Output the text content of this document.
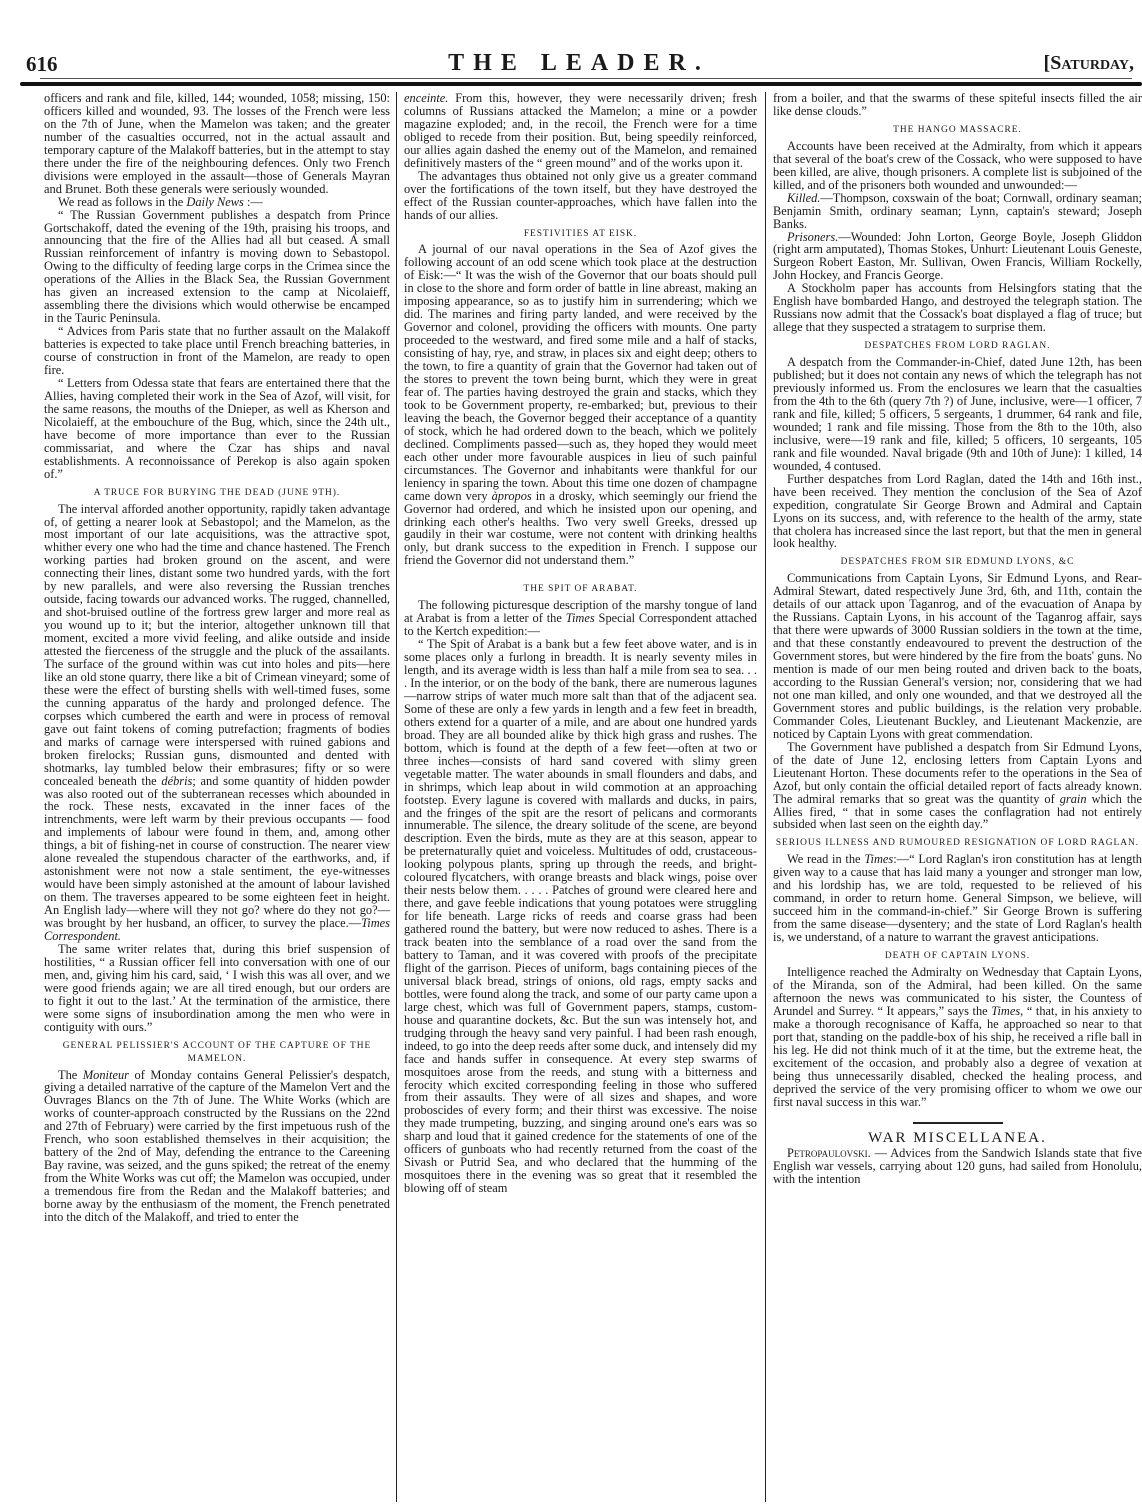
616	THE LEADER.	[Saturday,

officers and rank and file, killed, 144; wounded, 1058; missing, 150: officers killed and wounded, 93. The losses of the French were less on the 7th of June, when the Mamelon was taken; and the greater number of the casualties occurred, not in the actual assault and temporary capture of the Malakoff batteries, but in the attempt to stay there under the fire of the neighbouring defences. Only two French divisions were employed in the assault—those of Generals Mayran and Brunet. Both these generals were seriously wounded.

We read as follows in the Daily News :—

“ The Russian Government publishes a despatch from Prince Gortschakoff, dated the evening of the 19th, praising his troops, and announcing that the fire of the Allies had all but ceased. A small Russian reinforcement of infantry is moving down to Sebastopol. Owing to the difficulty of feeding large corps in the Crimea since the operations of the Allies in the Black Sea, the Russian Government has given an increased extension to the camp at Nicolaieff, assembling there the divisions which would otherwise be encamped in the Tauric Peninsula.

“ Advices from Paris state that no further assault on the Malakoff batteries is expected to take place until French breaching batteries, in course of construction in front of the Mamelon, are ready to open fire.

“ Letters from Odessa state that fears are entertained there that the Allies, having completed their work in the Sea of Azof, will visit, for the same reasons, the mouths of the Dnieper, as well as Kherson and Nicolaieff, at the embouchure of the Bug, which, since the 24th ult., have become of more importance than ever to the Russian commissariat, and where the Czar has ships and naval establishments. A reconnoissance of Perekop is also again spoken of.”

A TRUCE FOR BURYING THE DEAD (JUNE 9TH).

The interval afforded another opportunity, rapidly taken advantage of, of getting a nearer look at Sebastopol; and the Mamelon, as the most important of our late acquisitions, was the attractive spot, whither every one who had the time and chance hastened. The French working parties had broken ground on the ascent, and were connecting their lines, distant some two hundred yards, with the fort by new parallels, and were also reversing the Russian trenches outside, facing towards our advanced works. The rugged, channelled, and shot-bruised outline of the fortress grew larger and more real as you wound up to it; but the interior, altogether unknown till that moment, excited a more vivid feeling, and alike outside and inside attested the fierceness of the struggle and the pluck of the assailants. The surface of the ground within was cut into holes and pits—here like an old stone quarry, there like a bit of Crimean vineyard; some of these were the effect of bursting shells with well-timed fuses, some the cunning apparatus of the hardy and prolonged defence. The corpses which cumbered the earth and were in process of removal gave out faint tokens of coming putrefaction; fragments of bodies and marks of carnage were interspersed with ruined gabions and broken firelocks; Russian guns, dismounted and dented with shotmarks, lay tumbled below their embrasures; fifty or so were concealed beneath the débris; and some quantity of hidden powder was also rooted out of the subterranean recesses which abounded in the rock. These nests, excavated in the inner faces of the intrenchments, were left warm by their previous occupants — food and implements of labour were found in them, and, among other things, a bit of fishing-net in course of construction. The nearer view alone revealed the stupendous character of the earthworks, and, if astonishment were not now a stale sentiment, the eye-witnesses would have been simply astonished at the amount of labour lavished on them. The traverses appeared to be some eighteen feet in height. An English lady—where will they not go? where do they not go?—was brought by her husband, an officer, to survey the place.—Times Correspondent.

The same writer relates that, during this brief suspension of hostilities, “ a Russian officer fell into conversation with one of our men, and, giving him his card, said, ‘ I wish this was all over, and we were good friends again; we are all tired enough, but our orders are to fight it out to the last.’ At the termination of the armistice, there were some signs of insubordination among the men who were in contiguity with ours.”

GENERAL PELISSIER'S ACCOUNT OF THE CAPTURE OF THE MAMELON.

The Moniteur of Monday contains General Pelissier's despatch, giving a detailed narrative of the capture of the Mamelon Vert and the Ouvrages Blancs on the 7th of June. The White Works (which are works of counter-approach constructed by the Russians on the 22nd and 27th of February) were carried by the first impetuous rush of the French, who soon established themselves in their acquisition; the battery of the 2nd of May, defending the entrance to the Careening Bay ravine, was seized, and the guns spiked; the retreat of the enemy from the White Works was cut off; the Mamelon was occupied, under a tremendous fire from the Redan and the Malakoff batteries; and borne away by the enthusiasm of the moment, the French penetrated into the ditch of the Malakoff, and tried to enter the

enceinte. From this, however, they were necessarily driven; fresh columns of Russians attacked the Mamelon; a mine or a powder magazine exploded; and, in the recoil, the French were for a time obliged to recede from their position. But, being speedily reinforced, our allies again dashed the enemy out of the Mamelon, and remained definitively masters of the “ green mound” and of the works upon it.

The advantages thus obtained not only give us a greater command over the fortifications of the town itself, but they have destroyed the effect of the Russian counter-approaches, which have fallen into the hands of our allies.

FESTIVITIES AT EISK.

A journal of our naval operations in the Sea of Azof gives the following account of an odd scene which took place at the destruction of Eisk:—“ It was the wish of the Governor that our boats should pull in close to the shore and form order of battle in line abreast, making an imposing appearance, so as to justify him in surrendering; which we did. The marines and firing party landed, and were received by the Governor and colonel, providing the officers with mounts. One party proceeded to the westward, and fired some mile and a half of stacks, consisting of hay, rye, and straw, in places six and eight deep; others to the town, to fire a quantity of grain that the Governor had taken out of the stores to prevent the town being burnt, which they were in great fear of. The parties having destroyed the grain and stacks, which they took to be Government property, re-embarked; but, previous to their leaving the beach, the Governor begged their acceptance of a quantity of stock, which he had ordered down to the beach, which we politely declined. Compliments passed—such as, they hoped they would meet each other under more favourable auspices in lieu of such painful circumstances. The Governor and inhabitants were thankful for our leniency in sparing the town. About this time one dozen of champagne came down very àpropos in a drosky, which seemingly our friend the Governor had ordered, and which he insisted upon our opening, and drinking each other's healths. Two very swell Greeks, dressed up gaudily in their war costume, were not content with drinking healths only, but drank success to the expedition in French. I suppose our friend the Governor did not understand them.”

THE SPIT OF ARABAT.

The following picturesque description of the marshy tongue of land at Arabat is from a letter of the Times Special Correspondent attached to the Kertch expedition:—

“ The Spit of Arabat is a bank but a few feet above water, and is in some places only a furlong in breadth. It is nearly seventy miles in length, and its average width is less than half a mile from sea to sea. . . . In the interior, or on the body of the bank, there are numerous lagunes—narrow strips of water much more salt than that of the adjacent sea. Some of these are only a few yards in length and a few feet in breadth, others extend for a quarter of a mile, and are about one hundred yards broad. They are all bounded alike by thick high grass and rushes. The bottom, which is found at the depth of a few feet—often at two or three inches—consists of hard sand covered with slimy green vegetable matter. The water abounds in small flounders and dabs, and in shrimps, which leap about in wild commotion at an approaching footstep. Every lagune is covered with mallards and ducks, in pairs, and the fringes of the spit are the resort of pelicans and cormorants innumerable. The silence, the dreary solitude of the scene, are beyond description. Even the birds, mute as they are at this season, appear to be preternaturally quiet and voiceless. Multitudes of odd, crustaceous-looking polypous plants, spring up through the reeds, and bright-coloured flycatchers, with orange breasts and black wings, poise over their nests below them. . . . . Patches of ground were cleared here and there, and gave feeble indications that young potatoes were struggling for life beneath. Large ricks of reeds and coarse grass had been gathered round the battery, but were now reduced to ashes. There is a track beaten into the semblance of a road over the sand from the battery to Taman, and it was covered with proofs of the precipitate flight of the garrison. Pieces of uniform, bags containing pieces of the universal black bread, strings of onions, old rags, empty sacks and bottles, were found along the track, and some of our party came upon a large chest, which was full of Government papers, stamps, custom-house and quarantine dockets, &c. But the sun was intensely hot, and trudging through the heavy sand very painful. I had been rash enough, indeed, to go into the deep reeds after some duck, and intensely did my face and hands suffer in consequence. At every step swarms of mosquitoes arose from the reeds, and stung with a bitterness and ferocity which excited corresponding feeling in those who suffered from their assaults. They were of all sizes and shapes, and wore proboscides of every form; and their thirst was excessive. The noise they made trumpeting, buzzing, and singing around one's ears was so sharp and loud that it gained credence for the statements of one of the officers of gunboats who had recently returned from the coast of the Sivash or Putrid Sea, and who declared that the humming of the mosquitoes there in the evening was so great that it resembled the blowing off of steam

from a boiler, and that the swarms of these spiteful insects filled the air like dense clouds.”

THE HANGO MASSACRE.

Accounts have been received at the Admiralty, from which it appears that several of the boat's crew of the Cossack, who were supposed to have been killed, are alive, though prisoners. A complete list is subjoined of the killed, and of the prisoners both wounded and unwounded:—

Killed.—Thompson, coxswain of the boat; Cornwall, ordinary seaman; Benjamin Smith, ordinary seaman; Lynn, captain's steward; Joseph Banks.

Prisoners.—Wounded: John Lorton, George Boyle, Joseph Gliddon (right arm amputated), Thomas Stokes, Unhurt: Lieutenant Louis Geneste, Surgeon Robert Easton, Mr. Sullivan, Owen Francis, William Rockelly, John Hockey, and Francis George.

A Stockholm paper has accounts from Helsingfors stating that the English have bombarded Hango, and destroyed the telegraph station. The Russians now admit that the Cossack's boat displayed a flag of truce; but allege that they suspected a stratagem to surprise them.

DESPATCHES FROM LORD RAGLAN.

A despatch from the Commander-in-Chief, dated June 12th, has been published; but it does not contain any news of which the telegraph has not previously informed us. From the enclosures we learn that the casualties from the 4th to the 6th (query 7th ?) of June, inclusive, were—1 officer, 7 rank and file, killed; 5 officers, 5 sergeants, 1 drummer, 64 rank and file, wounded; 1 rank and file missing. Those from the 8th to the 10th, also inclusive, were—19 rank and file, killed; 5 officers, 10 sergeants, 105 rank and file wounded. Naval brigade (9th and 10th of June): 1 killed, 14 wounded, 4 contused.

Further despatches from Lord Raglan, dated the 14th and 16th inst., have been received. They mention the conclusion of the Sea of Azof expedition, congratulate Sir George Brown and Admiral and Captain Lyons on its success, and, with reference to the health of the army, state that cholera has increased since the last report, but that the men in general look healthy.

DESPATCHES FROM SIR EDMUND LYONS, &C

Communications from Captain Lyons, Sir Edmund Lyons, and Rear-Admiral Stewart, dated respectively June 3rd, 6th, and 11th, contain the details of our attack upon Taganrog, and of the evacuation of Anapa by the Russians. Captain Lyons, in his account of the Taganrog affair, says that there were upwards of 3000 Russian soldiers in the town at the time, and that these constantly endeavoured to prevent the destruction of the Government stores, but were hindered by the fire from the boats' guns. No mention is made of our men being routed and driven back to the boats, according to the Russian General's version; nor, considering that we had not one man killed, and only one wounded, and that we destroyed all the Government stores and public buildings, is the relation very probable. Commander Coles, Lieutenant Buckley, and Lieutenant Mackenzie, are noticed by Captain Lyons with great commendation.

The Government have published a despatch from Sir Edmund Lyons, of the date of June 12, enclosing letters from Captain Lyons and Lieutenant Horton. These documents refer to the operations in the Sea of Azof, but only contain the official detailed report of facts already known. The admiral remarks that so great was the quantity of grain which the Allies fired, “ that in some cases the conflagration had not entirely subsided when last seen on the eighth day.”

SERIOUS ILLNESS AND RUMOURED RESIGNATION OF LORD RAGLAN.

We read in the Times:—“ Lord Raglan's iron constitution has at length given way to a cause that has laid many a younger and stronger man low, and his lordship has, we are told, requested to be relieved of his command, in order to return home. General Simpson, we believe, will succeed him in the command-in-chief.” Sir George Brown is suffering from the same disease—dysentery; and the state of Lord Raglan's health is, we understand, of a nature to warrant the gravest anticipations.

DEATH OF CAPTAIN LYONS.

Intelligence reached the Admiralty on Wednesday that Captain Lyons, of the Miranda, son of the Admiral, had been killed. On the same afternoon the news was communicated to his sister, the Countess of Arundel and Surrey. “ It appears,” says the Times, “ that, in his anxiety to make a thorough recognisance of Kaffa, he approached so near to that port that, standing on the paddle-box of his ship, he received a rifle ball in his leg. He did not think much of it at the time, but the extreme heat, the excitement of the occasion, and probably also a degree of vexation at being thus unnecessarily disabled, checked the healing process, and deprived the service of the very promising officer to whom we owe our first naval success in this war.”

WAR MISCELLANEA.

Petropaulovski. — Advices from the Sandwich Islands state that five English war vessels, carrying about 120 guns, had sailed from Honolulu, with the intention
